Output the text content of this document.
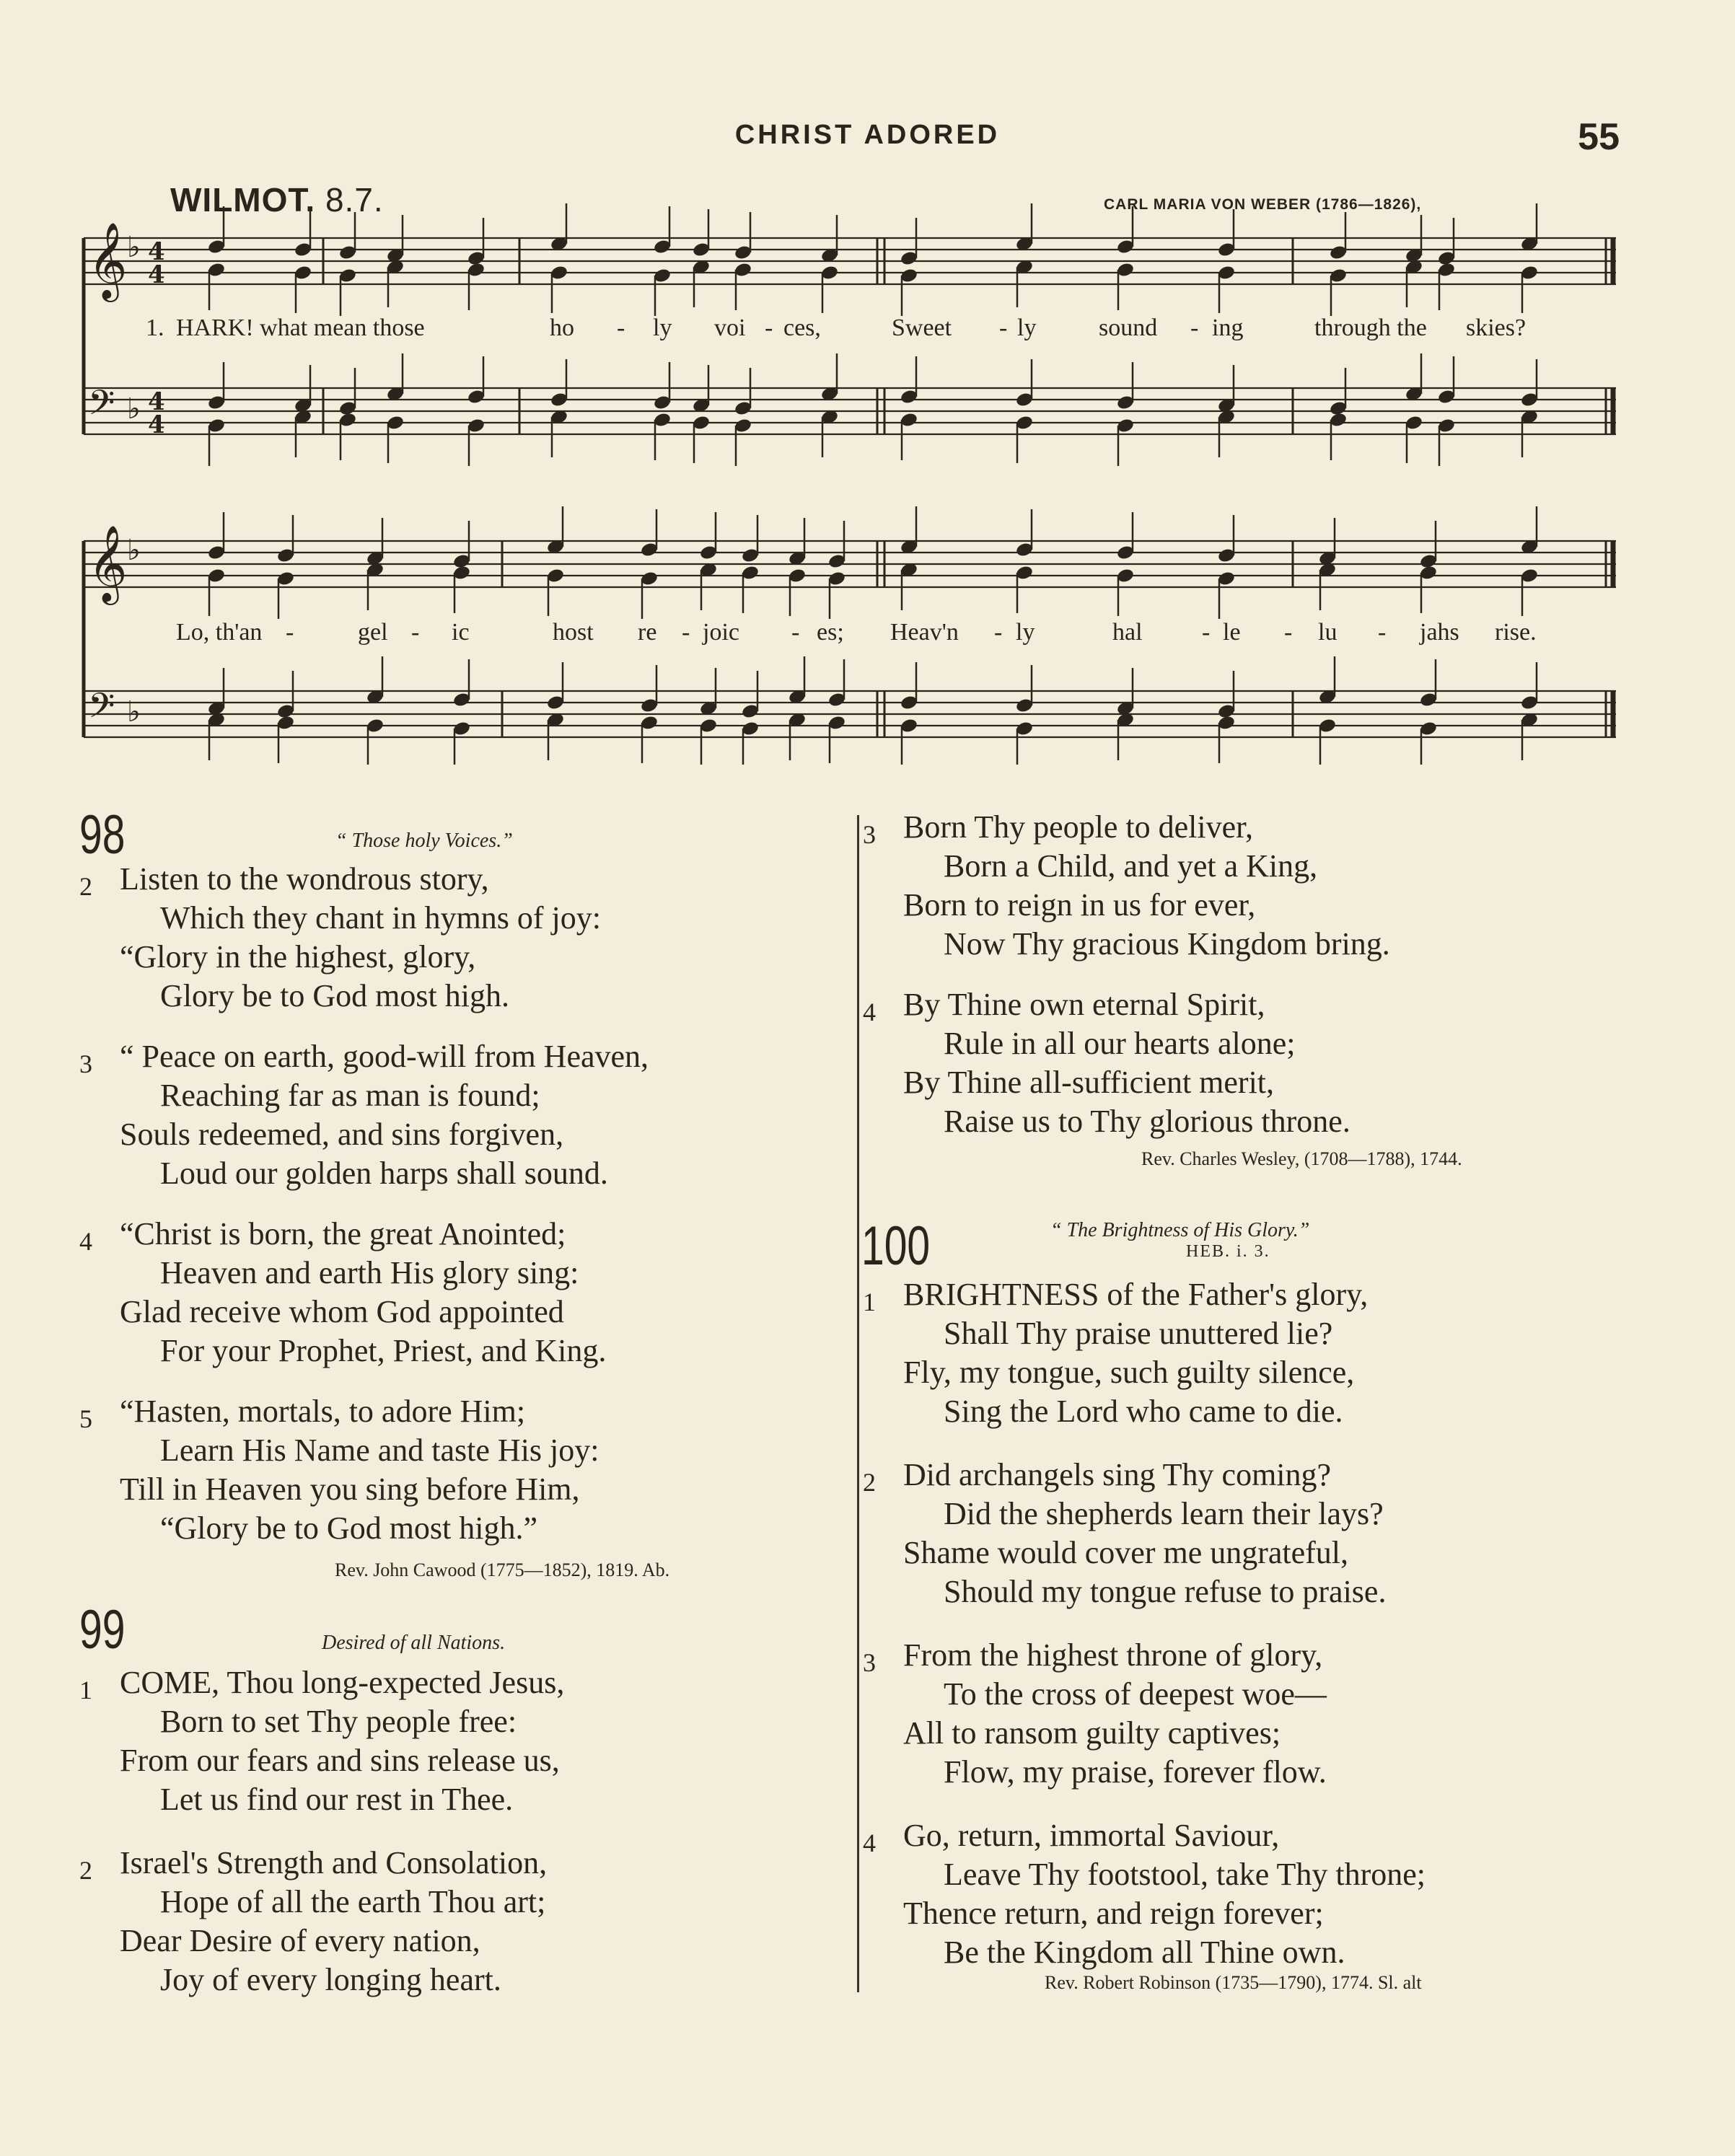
CHRIST ADORED	55
WILMOT. 8.7.	CARL MARIA VON WEBER (1786—1826),
𝄞 ♭ 4
4
𝄢 ♭ 4
4
𝄞 ♭
𝄢 ♭
1. HARK! what mean those	ho - ly voi - ces,	Sweet - ly	sound - ing	through the skies?
Lo, th'an -	gel - ic	host re - joic - es; Heav'n - ly	hal - le - lu - jahs rise.
98	“ Those holy Voices.”
2 Listen to the wondrous story,
Which they chant in hymns of joy:
“Glory in the highest, glory,
Glory be to God most high.
3 “ Peace on earth, good-will from Heaven,
Reaching far as man is found;
Souls redeemed, and sins forgiven,
Loud our golden harps shall sound.
4 “Christ is born, the great Anointed;
Heaven and earth His glory sing:
Glad receive whom God appointed
For your Prophet, Priest, and King.
5 “Hasten, mortals, to adore Him;
Learn His Name and taste His joy:
Till in Heaven you sing before Him,
“Glory be to God most high.”
Rev. John Cawood (1775—1852), 1819. Ab.
99	Desired of all Nations.
1 COME, Thou long-expected Jesus,
Born to set Thy people free:
From our fears and sins release us,
Let us find our rest in Thee.
2 Israel's Strength and Consolation,
Hope of all the earth Thou art;
Dear Desire of every nation,
Joy of every longing heart.
3 Born Thy people to deliver,
Born a Child, and yet a King,
Born to reign in us for ever,
Now Thy gracious Kingdom bring.
4 By Thine own eternal Spirit,
Rule in all our hearts alone;
By Thine all-sufficient merit,
Raise us to Thy glorious throne.
Rev. Charles Wesley, (1708—1788), 1744.
100	“ The Brightness of His Glory.”
HEB. i. 3.
1 BRIGHTNESS of the Father's glory,
Shall Thy praise unuttered lie?
Fly, my tongue, such guilty silence,
Sing the Lord who came to die.
2 Did archangels sing Thy coming?
Did the shepherds learn their lays?
Shame would cover me ungrateful,
Should my tongue refuse to praise.
3 From the highest throne of glory,
To the cross of deepest woe—
All to ransom guilty captives;
Flow, my praise, forever flow.
4 Go, return, immortal Saviour,
Leave Thy footstool, take Thy throne;
Thence return, and reign forever;
Be the Kingdom all Thine own.
Rev. Robert Robinson (1735—1790), 1774. Sl. alt
